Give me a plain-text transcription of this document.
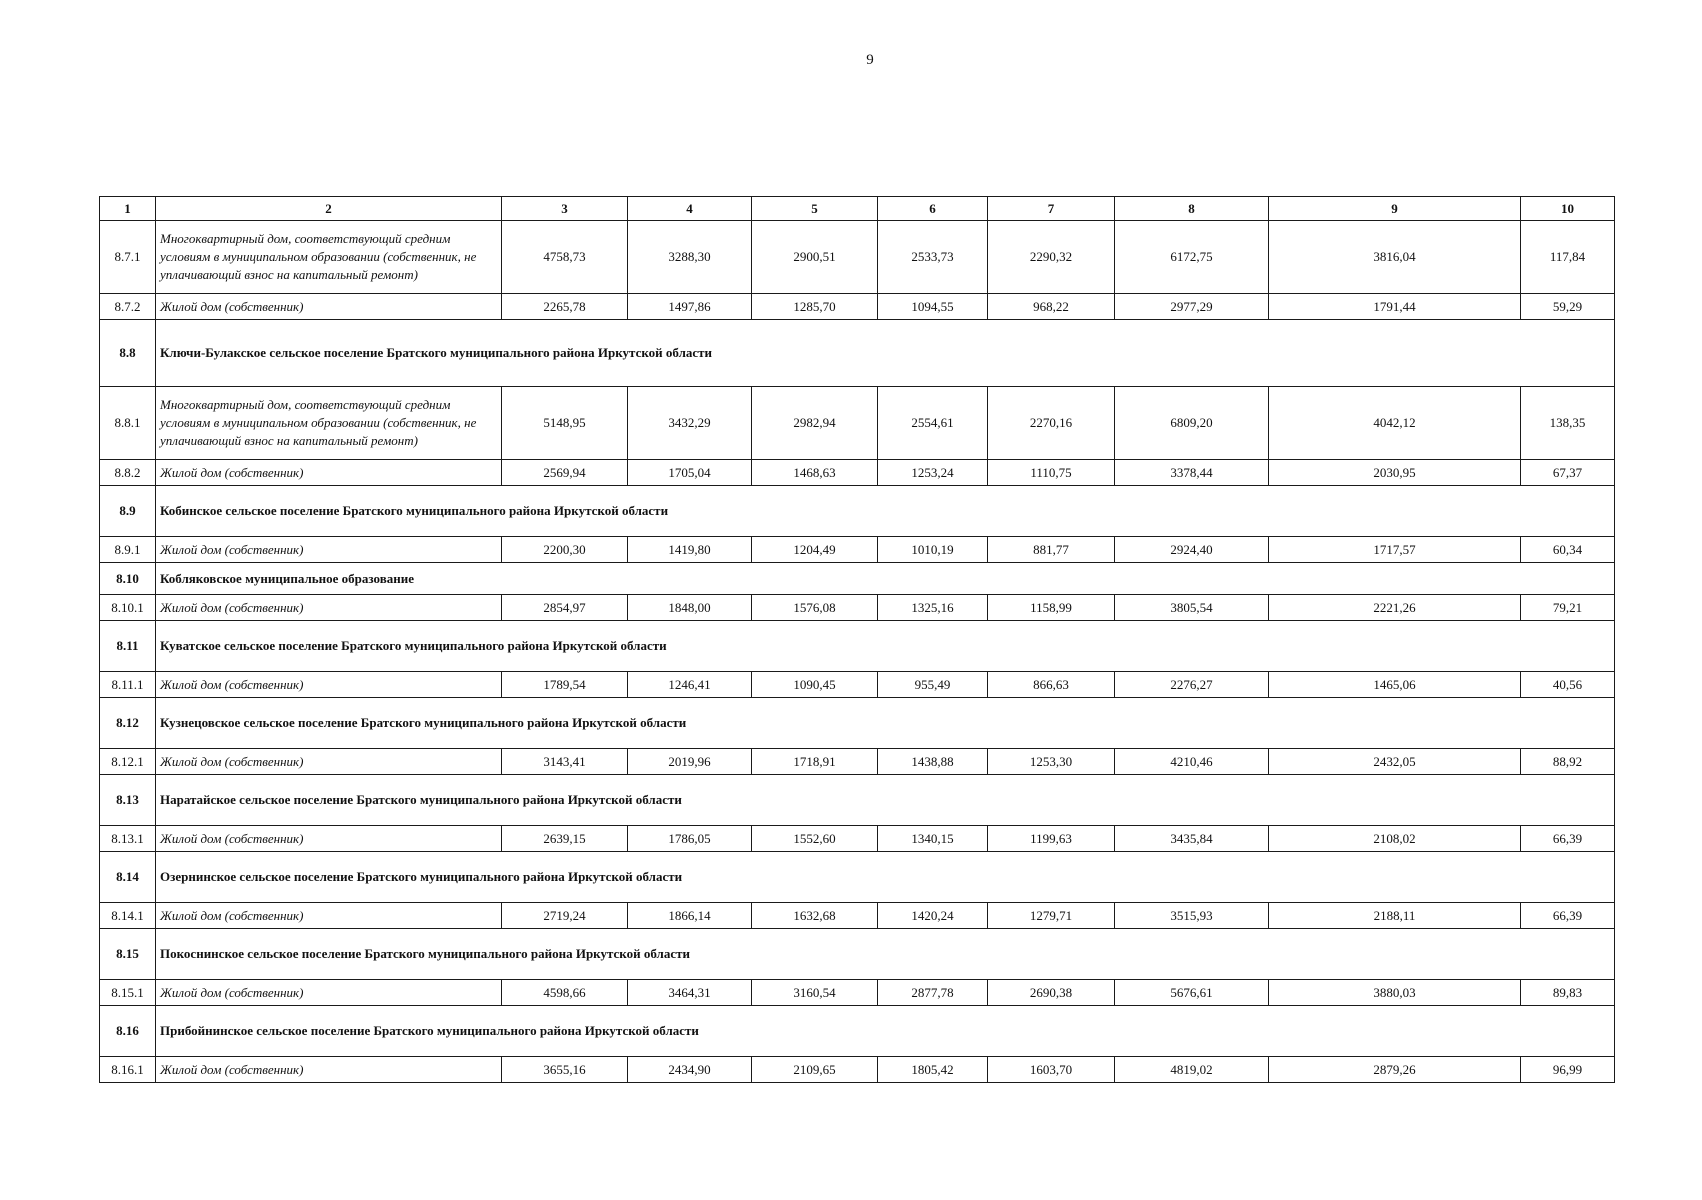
9
1	2	3	4	5	6	7	8	9	10
8.7.1	Многоквартирный дом, соответствующий средним условиям в муниципальном образовании (собственник, не уплачивающий взнос на капитальный ремонт)	4758,73	3288,30	2900,51	2533,73	2290,32	6172,75	3816,04	117,84
8.7.2	Жилой дом (собственник)	2265,78	1497,86	1285,70	1094,55	968,22	2977,29	1791,44	59,29
8.8	Ключи-Булакское сельское поселение Братского муниципального района Иркутской области								
8.8.1	Многоквартирный дом, соответствующий средним условиям в муниципальном образовании (собственник, не уплачивающий взнос на капитальный ремонт)	5148,95	3432,29	2982,94	2554,61	2270,16	6809,20	4042,12	138,35
8.8.2	Жилой дом (собственник)	2569,94	1705,04	1468,63	1253,24	1110,75	3378,44	2030,95	67,37
8.9	Кобинское сельское поселение Братского муниципального района Иркутской области								
8.9.1	Жилой дом (собственник)	2200,30	1419,80	1204,49	1010,19	881,77	2924,40	1717,57	60,34
8.10	Кобляковское муниципальное образование								
8.10.1	Жилой дом (собственник)	2854,97	1848,00	1576,08	1325,16	1158,99	3805,54	2221,26	79,21
8.11	Куватское сельское поселение Братского муниципального района Иркутской области								
8.11.1	Жилой дом (собственник)	1789,54	1246,41	1090,45	955,49	866,63	2276,27	1465,06	40,56
8.12	Кузнецовское сельское поселение Братского муниципального района Иркутской области								
8.12.1	Жилой дом (собственник)	3143,41	2019,96	1718,91	1438,88	1253,30	4210,46	2432,05	88,92
8.13	Наратайское сельское поселение Братского муниципального района Иркутской области								
8.13.1	Жилой дом (собственник)	2639,15	1786,05	1552,60	1340,15	1199,63	3435,84	2108,02	66,39
8.14	Озернинское сельское поселение Братского муниципального района Иркутской области								
8.14.1	Жилой дом (собственник)	2719,24	1866,14	1632,68	1420,24	1279,71	3515,93	2188,11	66,39
8.15	Покоснинское сельское поселение Братского муниципального района Иркутской области								
8.15.1	Жилой дом (собственник)	4598,66	3464,31	3160,54	2877,78	2690,38	5676,61	3880,03	89,83
8.16	Прибойнинское сельское поселение Братского муниципального района Иркутской области								
8.16.1	Жилой дом (собственник)	3655,16	2434,90	2109,65	1805,42	1603,70	4819,02	2879,26	96,99
